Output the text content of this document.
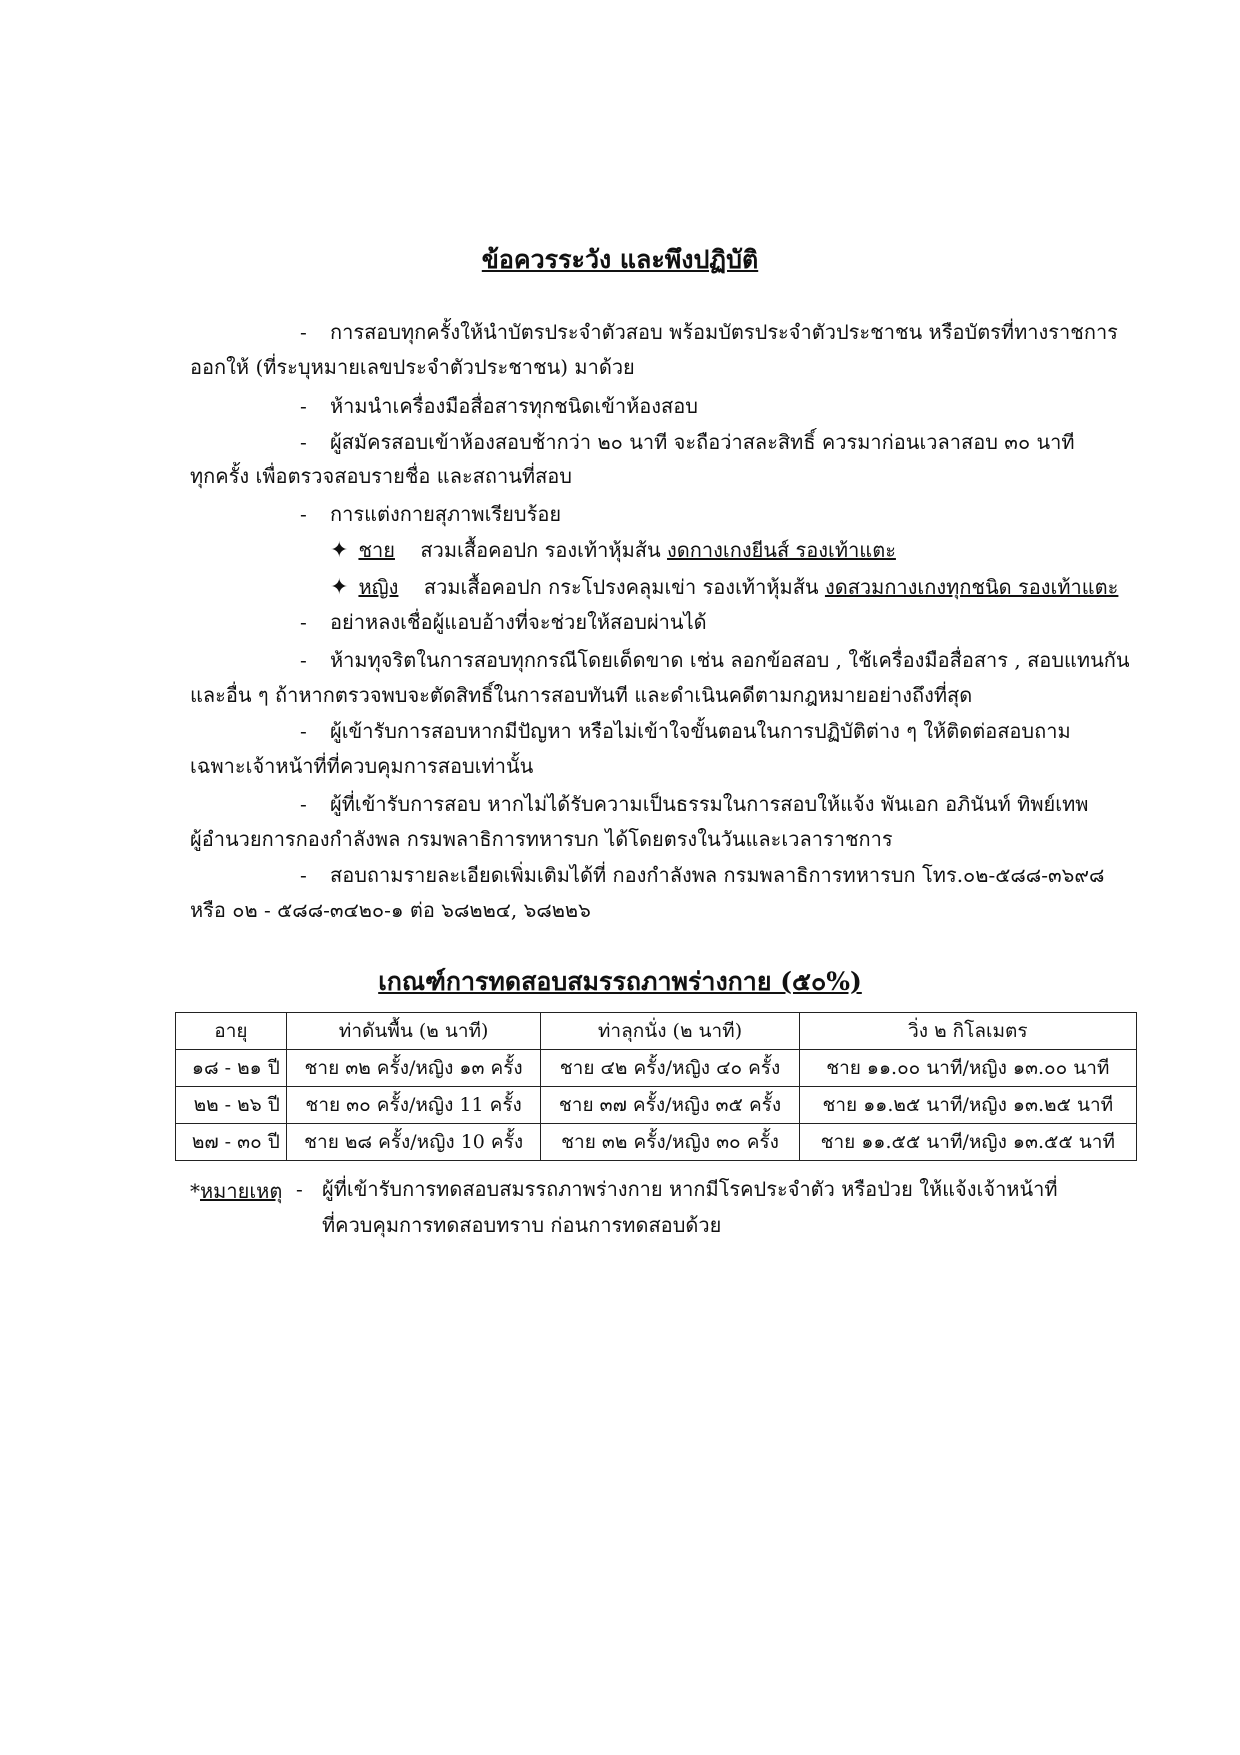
ข้อควรระวัง และพึงปฏิบัติ
- การสอบทุกครั้งให้นำบัตรประจำตัวสอบ พร้อมบัตรประจำตัวประชาชน หรือบัตรที่ทางราชการ
ออกให้ (ที่ระบุหมายเลขประจำตัวประชาชน) มาด้วย
- ห้ามนำเครื่องมือสื่อสารทุกชนิดเข้าห้องสอบ
- ผู้สมัครสอบเข้าห้องสอบช้ากว่า ๒๐ นาที จะถือว่าสละสิทธิ์ ควรมาก่อนเวลาสอบ ๓๐ นาที
ทุกครั้ง เพื่อตรวจสอบรายชื่อ และสถานที่สอบ
- การแต่งกายสุภาพเรียบร้อย
✦ ชาย สวมเสื้อคอปก รองเท้าหุ้มส้น งดกางเกงยีนส์ รองเท้าแตะ
✦ หญิง สวมเสื้อคอปก กระโปรงคลุมเข่า รองเท้าหุ้มส้น งดสวมกางเกงทุกชนิด รองเท้าแตะ
- อย่าหลงเชื่อผู้แอบอ้างที่จะช่วยให้สอบผ่านได้
- ห้ามทุจริตในการสอบทุกกรณีโดยเด็ดขาด เช่น ลอกข้อสอบ , ใช้เครื่องมือสื่อสาร , สอบแทนกัน
และอื่น ๆ ถ้าหากตรวจพบจะตัดสิทธิ์ในการสอบทันที และดำเนินคดีตามกฎหมายอย่างถึงที่สุด
- ผู้เข้ารับการสอบหากมีปัญหา หรือไม่เข้าใจขั้นตอนในการปฏิบัติต่าง ๆ ให้ติดต่อสอบถาม
เฉพาะเจ้าหน้าที่ที่ควบคุมการสอบเท่านั้น
- ผู้ที่เข้ารับการสอบ หากไม่ได้รับความเป็นธรรมในการสอบให้แจ้ง พันเอก อภินันท์ ทิพย์เทพ
ผู้อำนวยการกองกำลังพล กรมพลาธิการทหารบก ได้โดยตรงในวันและเวลาราชการ
- สอบถามรายละเอียดเพิ่มเติมได้ที่ กองกำลังพล กรมพลาธิการทหารบก โทร.๐๒-๕๘๘-๓๖๙๘
หรือ ๐๒ - ๕๘๘-๓๔๒๐-๑ ต่อ ๖๘๒๒๔, ๖๘๒๒๖
เกณฑ์การทดสอบสมรรถภาพร่างกาย (๕๐%)
อายุ	ท่าดันพื้น (๒ นาที)	ท่าลุกนั่ง (๒ นาที)	วิ่ง ๒ กิโลเมตร
๑๘ - ๒๑ ปี	ชาย ๓๒ ครั้ง/หญิง ๑๓ ครั้ง	ชาย ๔๒ ครั้ง/หญิง ๔๐ ครั้ง	ชาย ๑๑.๐๐ นาที/หญิง ๑๓.๐๐ นาที
๒๒ - ๒๖ ปี	ชาย ๓๐ ครั้ง/หญิง 11 ครั้ง	ชาย ๓๗ ครั้ง/หญิง ๓๕ ครั้ง	ชาย ๑๑.๒๕ นาที/หญิง ๑๓.๒๕ นาที
๒๗ - ๓๐ ปี	ชาย ๒๘ ครั้ง/หญิง 10 ครั้ง	ชาย ๓๒ ครั้ง/หญิง ๓๐ ครั้ง	ชาย ๑๑.๕๕ นาที/หญิง ๑๓.๕๕ นาที
*หมายเหตุ - ผู้ที่เข้ารับการทดสอบสมรรถภาพร่างกาย หากมีโรคประจำตัว หรือป่วย ให้แจ้งเจ้าหน้าที่
ที่ควบคุมการทดสอบทราบ ก่อนการทดสอบด้วย
